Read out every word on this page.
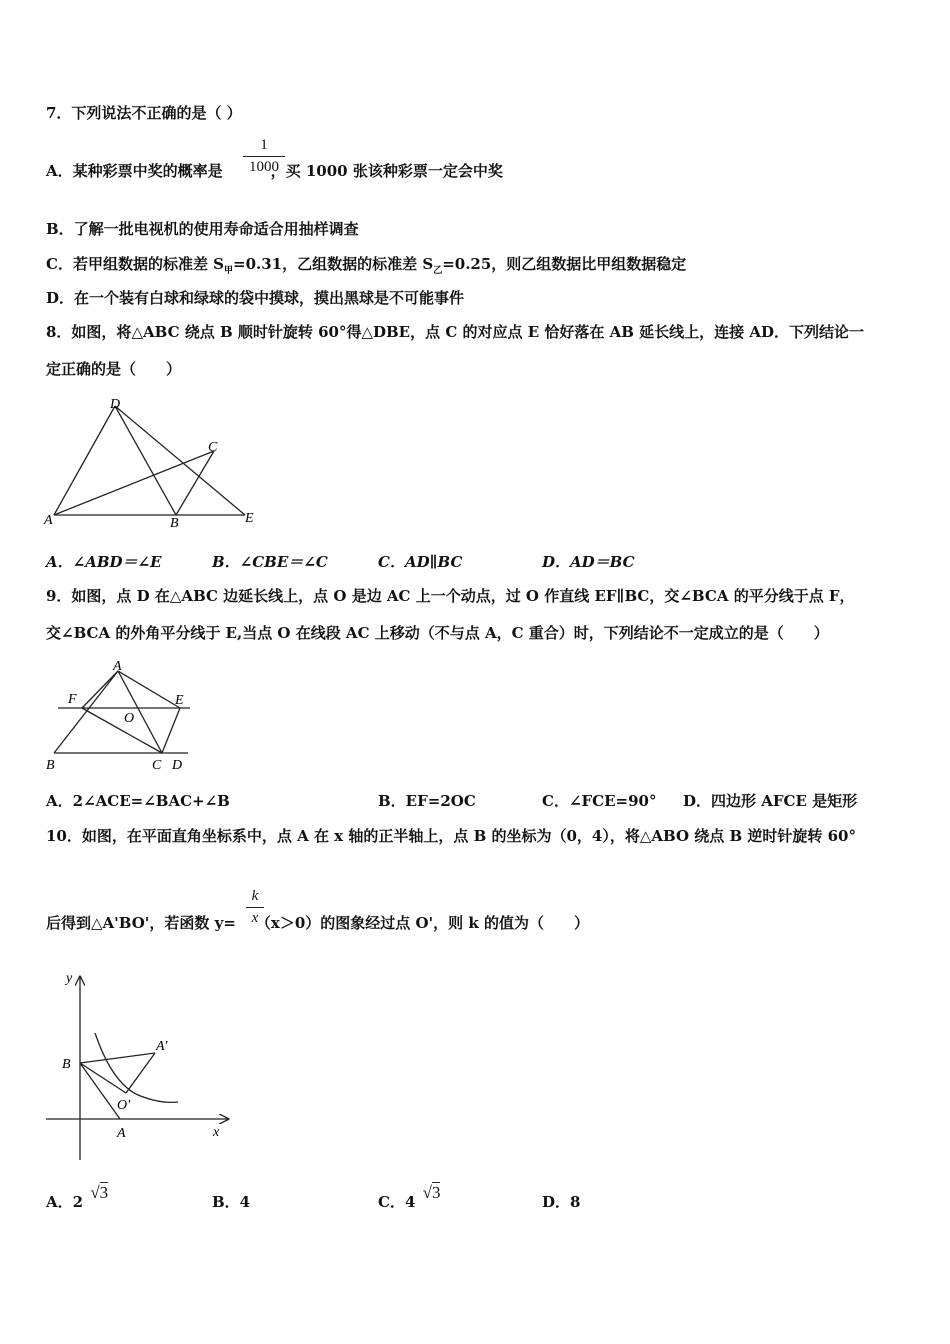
7．下列说法不正确的是（ ）
A．某种彩票中奖的概率是	，买 1000 张该种彩票一定会中奖
1
1000
B．了解一批电视机的使用寿命适合用抽样调查
C．若甲组数据的标准差 $S_甲=0.31$，乙组数据的标准差 $S_乙=0.25$，则乙组数据比甲组数据稳定
D．在一个装有白球和绿球的袋中摸球，摸出黑球是不可能事件
8．如图，将△ABC 绕点 B 顺时针旋转 60°得△DBE，点 C 的对应点 E 恰好落在 AB 延长线上，连接 AD．下列结论一
定正确的是（　　）
D
C
A	B	E
A．∠ABD＝∠E	B．∠CBE＝∠C	C．AD∥BC	D．AD＝BC
9．如图，点 D 在△ABC 边延长线上，点 O 是边 AC 上一个动点，过 O 作直线 EF∥BC，交∠BCA 的平分线于点 F，
交∠BCA 的外角平分线于 E,当点 O 在线段 AC 上移动（不与点 A，C 重合）时，下列结论不一定成立的是（　　）
A
F	E
O
B	C D
A．2∠ACE=∠BAC+∠B	B．EF=2OC	C．∠FCE=90° D．四边形 AFCE 是矩形
10．如图，在平面直角坐标系中，点 A 在 x 轴的正半轴上，点 B 的坐标为（0，4），将△ABO 绕点 B 逆时针旋转 60°
后得到△A'BO'，若函数 y= （x＞0）的图象经过点 O'，则 k 的值为（　　）
k
x
y
B
A'
O'
A	x
A．2 √3	B．4	C．4 √3	D．8
